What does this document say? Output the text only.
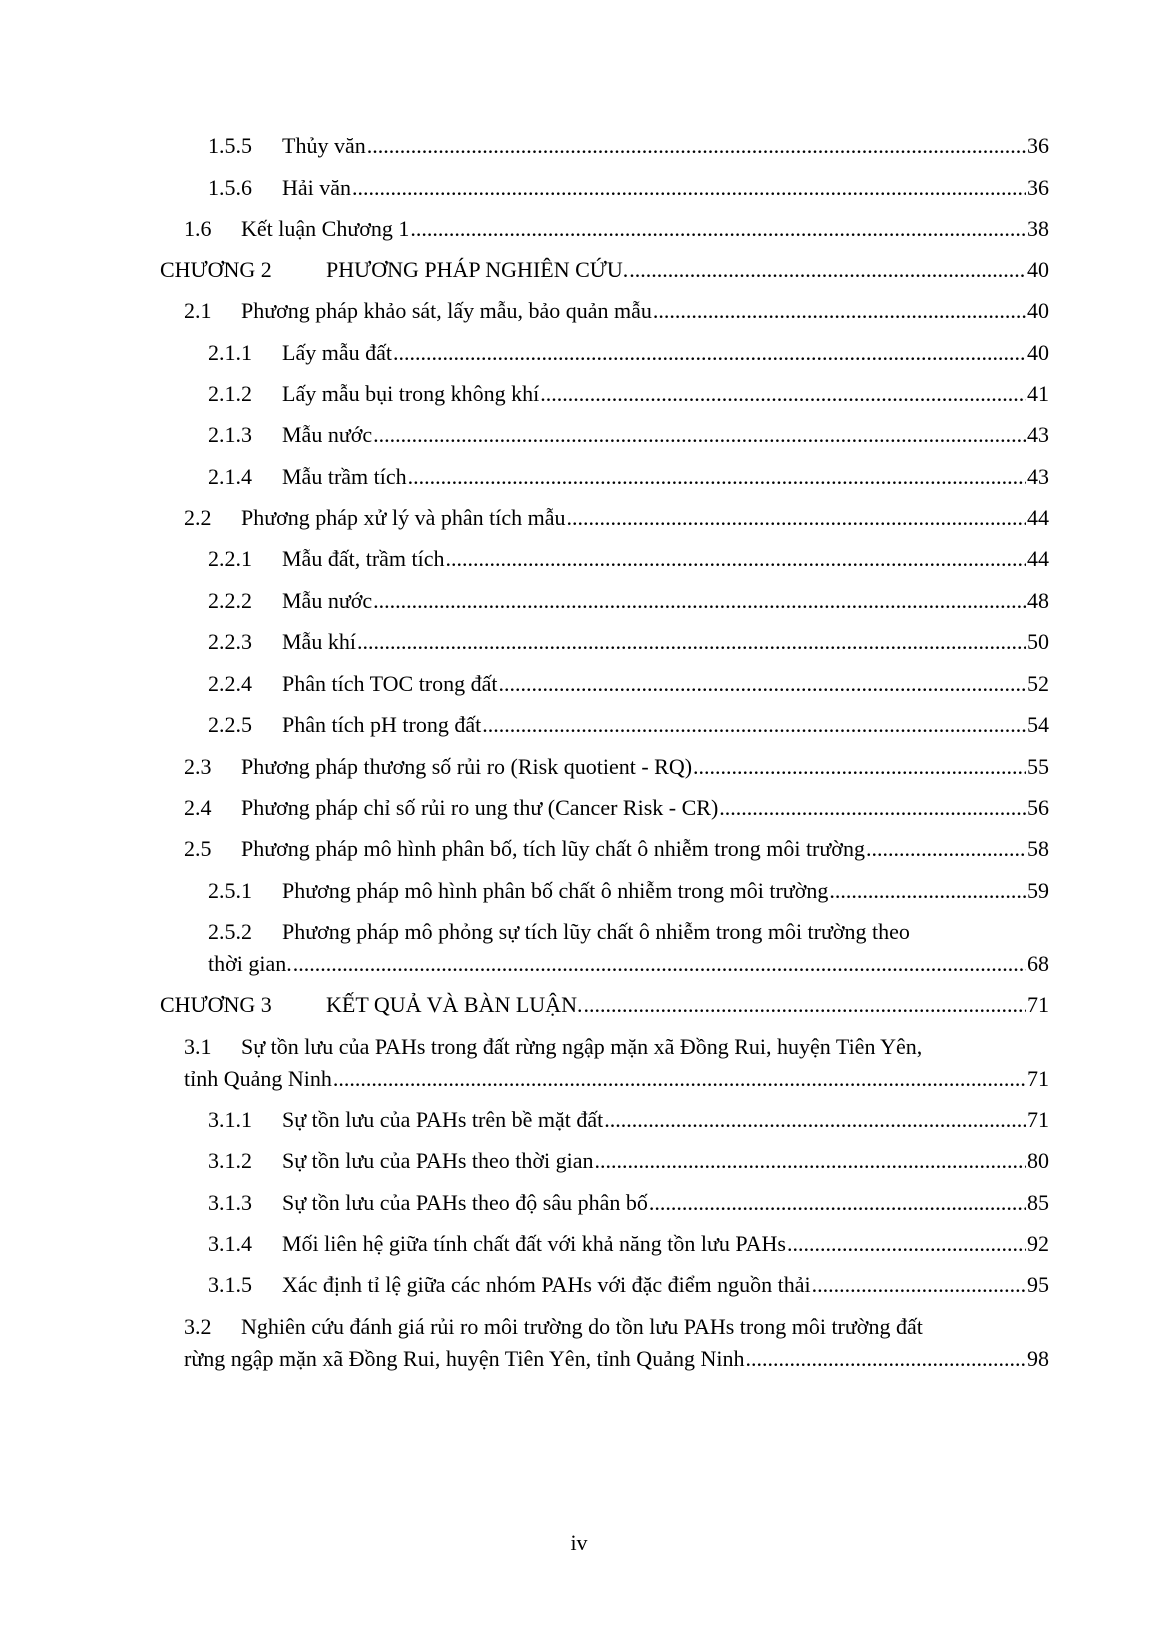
1.5.5	Thủy văn .....	36
1.5.6	Hải văn .....	36
1.6	Kết luận Chương 1 .....	38
CHƯƠNG 2	PHƯƠNG PHÁP NGHIÊN CỨU. .....	40
2.1	Phương pháp khảo sát, lấy mẫu, bảo quản mẫu .....	40
2.1.1	Lấy mẫu đất .....	40
2.1.2	Lấy mẫu bụi trong không khí .....	41
2.1.3	Mẫu nước .....	43
2.1.4	Mẫu trầm tích .....	43
2.2	Phương pháp xử lý và phân tích mẫu .....	44
2.2.1	Mẫu đất, trầm tích .....	44
2.2.2	Mẫu nước .....	48
2.2.3	Mẫu khí .....	50
2.2.4	Phân tích TOC trong đất .....	52
2.2.5	Phân tích pH trong đất .....	54
2.3	Phương pháp thương số rủi ro (Risk quotient - RQ) .....	55
2.4	Phương pháp chỉ số rủi ro ung thư (Cancer Risk - CR) .....	56
2.5	Phương pháp mô hình phân bố, tích lũy chất ô nhiễm trong môi trường .....	58
2.5.1	Phương pháp mô hình phân bố chất ô nhiễm trong môi trường .....	59
2.5.2 Phương pháp mô phỏng sự tích lũy chất ô nhiễm trong môi trường theo
thời gian. .....	68
CHƯƠNG 3	KẾT QUẢ VÀ BÀN LUẬN. .....	71
3.1 Sự tồn lưu của PAHs trong đất rừng ngập mặn xã Đồng Rui, huyện Tiên Yên,
tỉnh Quảng Ninh .....	71
3.1.1	Sự tồn lưu của PAHs trên bề mặt đất .....	71
3.1.2	Sự tồn lưu của PAHs theo thời gian .....	80
3.1.3	Sự tồn lưu của PAHs theo độ sâu phân bố .....	85
3.1.4	Mối liên hệ giữa tính chất đất với khả năng tồn lưu PAHs .....	92
3.1.5	Xác định tỉ lệ giữa các nhóm PAHs với đặc điểm nguồn thải .....	95
3.2 Nghiên cứu đánh giá rủi ro môi trường do tồn lưu PAHs trong môi trường đất
rừng ngập mặn xã Đồng Rui, huyện Tiên Yên, tỉnh Quảng Ninh .....	98
iv
